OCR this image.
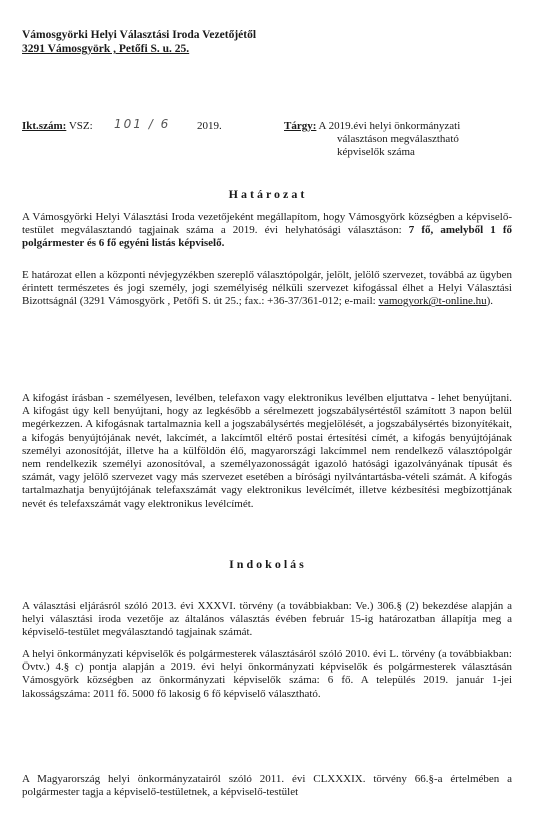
Vámosgyörki Helyi Választási Iroda Vezetőjétől
3291 Vámosgyörk , Petőfi S. u. 25.
Ikt.szám: VSZ: 101 / 6 2019.	Tárgy: A 2019.évi helyi önkormányzati
választáson megválasztható
képviselők száma
Határozat
A Vámosgyörki Helyi Választási Iroda vezetőjeként megállapítom, hogy Vámosgyörk községben a képviselő-testület megválasztandó tagjainak száma a 2019. évi helyhatósági választáson: 7 fő, amelyből 1 fő polgármester és 6 fő egyéni listás képviselő.
E határozat ellen a központi névjegyzékben szereplő választópolgár, jelölt, jelölő szervezet, továbbá az ügyben érintett természetes és jogi személy, jogi személyiség nélküli szervezet kifogással élhet a Helyi Választási Bizottságnál (3291 Vámosgyörk , Petőfi S. út 25.; fax.: +36-37/361-012; e-mail: vamogyork@t-online.hu).
A kifogást írásban - személyesen, levélben, telefaxon vagy elektronikus levélben eljuttatva - lehet benyújtani. A kifogást úgy kell benyújtani, hogy az legkésőbb a sérelmezett jogszabálysértéstől számított 3 napon belül megérkezzen. A kifogásnak tartalmaznia kell a jogszabálysértés megjelölését, a jogszabálysértés bizonyítékait, a kifogás benyújtójának nevét, lakcímét, a lakcímtől eltérő postai értesítési címét, a kifogás benyújtójának személyi azonosítóját, illetve ha a külföldön élő, magyarországi lakcímmel nem rendelkező választópolgár nem rendelkezik személyi azonosítóval, a személyazonosságát igazoló hatósági igazolványának típusát és számát, vagy jelölő szervezet vagy más szervezet esetében a bírósági nyilvántartásba-vételi számát. A kifogás tartalmazhatja benyújtójának telefaxszámát vagy elektronikus levélcímét, illetve kézbesítési megbízottjának nevét és telefaxszámát vagy elektronikus levélcímét.
Indokolás
A választási eljárásról szóló 2013. évi XXXVI. törvény (a továbbiakban: Ve.) 306.§ (2) bekezdése alapján a helyi választási iroda vezetője az általános választás évében február 15-ig határozatban állapítja meg a képviselő-testület megválasztandó tagjainak számát.
A helyi önkormányzati képviselők és polgármesterek választásáról szóló 2010. évi L. törvény (a továbbiakban: Övtv.) 4.§ c) pontja alapján a 2019. évi helyi önkormányzati képviselők és polgármesterek választásán Vámosgyörk községben az önkormányzati képviselők száma: 6 fő. A település 2019. január 1-jei lakosságszáma: 2011 fő. 5000 fő lakosig 6 fő képviselő választható.
A Magyarország helyi önkormányzatairól szóló 2011. évi CLXXXIX. törvény 66.§-a értelmében a polgármester tagja a képviselő-testületnek, a képviselő-testület
